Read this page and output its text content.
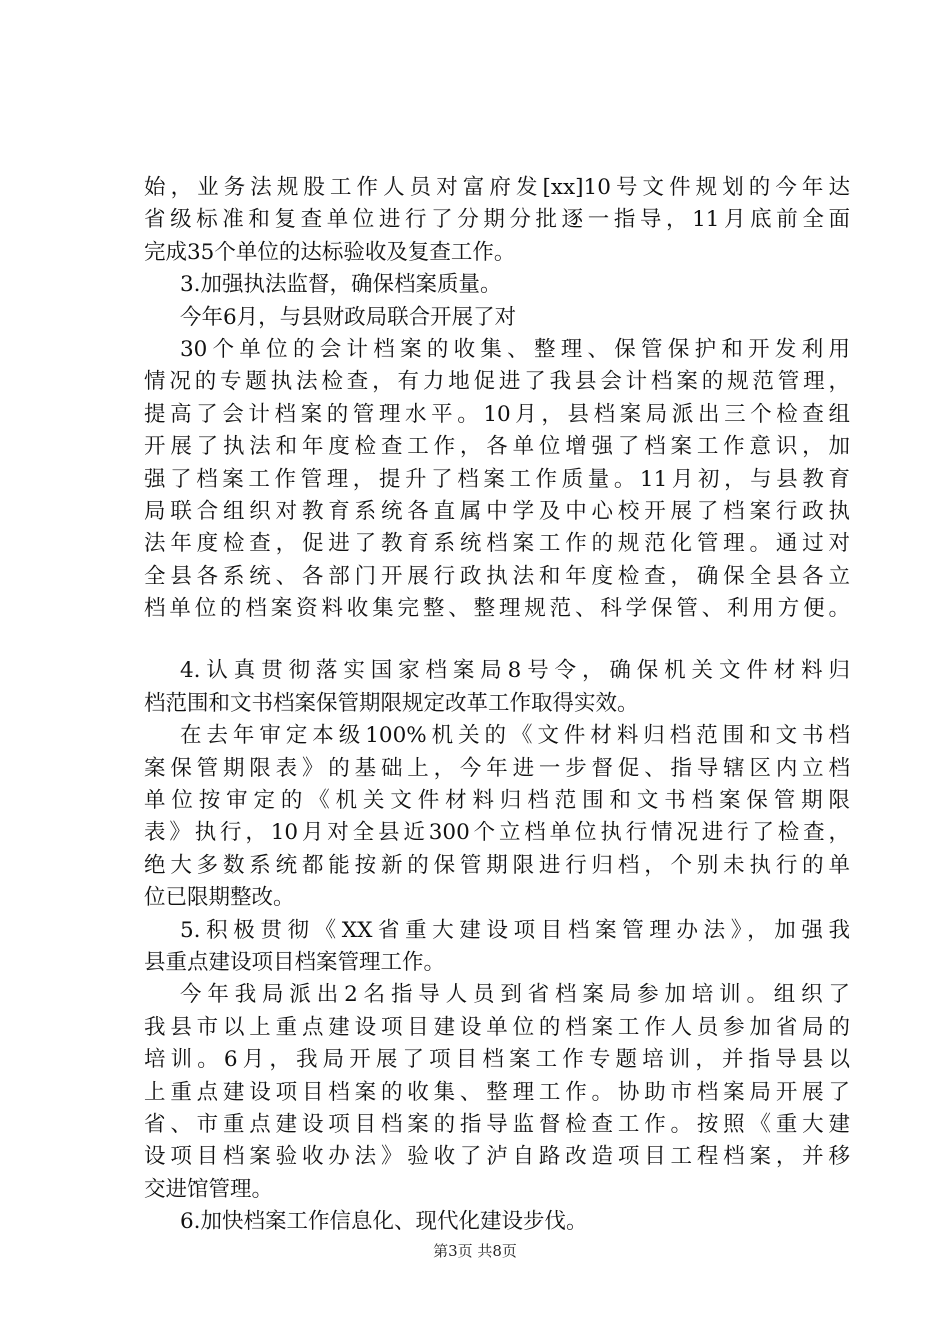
始，业务法规股工作人员对富府发[xx]10号文件规划的今年达
省级标准和复查单位进行了分期分批逐一指导，11月底前全面
完成35个单位的达标验收及复查工作。
3.加强执法监督，确保档案质量。
今年6月，与县财政局联合开展了对
30个单位的会计档案的收集、整理、保管保护和开发利用
情况的专题执法检查，有力地促进了我县会计档案的规范管理，
提高了会计档案的管理水平。10月，县档案局派出三个检查组
开展了执法和年度检查工作，各单位增强了档案工作意识，加
强了档案工作管理，提升了档案工作质量。11月初，与县教育
局联合组织对教育系统各直属中学及中心校开展了档案行政执
法年度检查，促进了教育系统档案工作的规范化管理。通过对
全县各系统、各部门开展行政执法和年度检查，确保全县各立
档单位的档案资料收集完整、整理规范、科学保管、利用方便。
4.认真贯彻落实国家档案局8号令，确保机关文件材料归
档范围和文书档案保管期限规定改革工作取得实效。
在去年审定本级100%机关的《文件材料归档范围和文书档
案保管期限表》的基础上，今年进一步督促、指导辖区内立档
单位按审定的《机关文件材料归档范围和文书档案保管期限
表》执行，10月对全县近300个立档单位执行情况进行了检查，
绝大多数系统都能按新的保管期限进行归档，个别未执行的单
位已限期整改。
5.积极贯彻《XX省重大建设项目档案管理办法》，加强我
县重点建设项目档案管理工作。
今年我局派出2名指导人员到省档案局参加培训。组织了
我县市以上重点建设项目建设单位的档案工作人员参加省局的
培训。6月，我局开展了项目档案工作专题培训，并指导县以
上重点建设项目档案的收集、整理工作。协助市档案局开展了
省、市重点建设项目档案的指导监督检查工作。按照《重大建
设项目档案验收办法》验收了泸自路改造项目工程档案，并移
交进馆管理。
6.加快档案工作信息化、现代化建设步伐。
第3页 共8页
